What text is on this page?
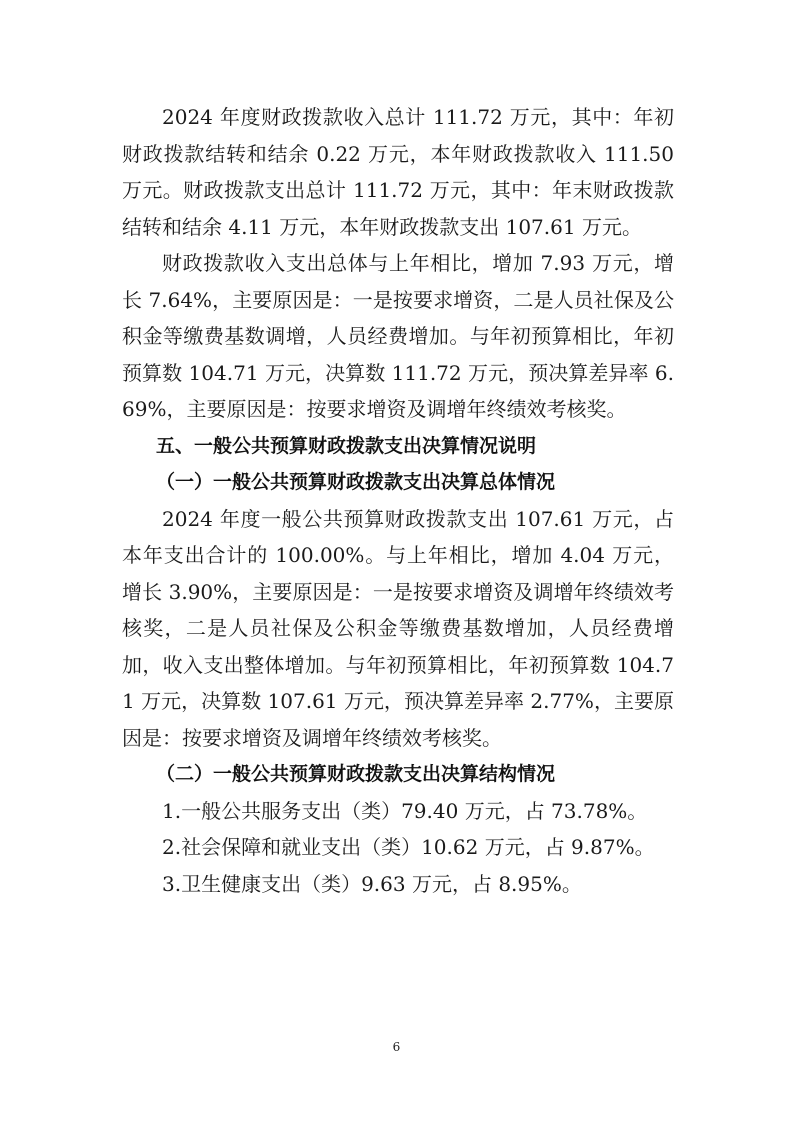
2024 年度财政拨款收入总计 111.72 万元，其中：年初财政拨款结转和结余 0.22 万元，本年财政拨款收入 111.50 万元。财政拨款支出总计 111.72 万元，其中：年末财政拨款结转和结余 4.11 万元，本年财政拨款支出 107.61 万元。

财政拨款收入支出总体与上年相比，增加 7.93 万元，增长 7.64%，主要原因是：一是按要求增资，二是人员社保及公积金等缴费基数调增，人员经费增加。与年初预算相比，年初预算数 104.71 万元，决算数 111.72 万元，预决算差异率 6.69%，主要原因是：按要求增资及调增年终绩效考核奖。

五、一般公共预算财政拨款支出决算情况说明
（一）一般公共预算财政拨款支出决算总体情况

2024 年度一般公共预算财政拨款支出 107.61 万元，占本年支出合计的 100.00%。与上年相比，增加 4.04 万元，增长 3.90%，主要原因是：一是按要求增资及调增年终绩效考核奖，二是人员社保及公积金等缴费基数增加，人员经费增加，收入支出整体增加。与年初预算相比，年初预算数 104.71 万元，决算数 107.61 万元，预决算差异率 2.77%，主要原因是：按要求增资及调增年终绩效考核奖。

（二）一般公共预算财政拨款支出决算结构情况

1.一般公共服务支出（类）79.40 万元，占 73.78%。

2.社会保障和就业支出（类）10.62 万元，占 9.87%。

3.卫生健康支出（类）9.63 万元，占 8.95%。

6
